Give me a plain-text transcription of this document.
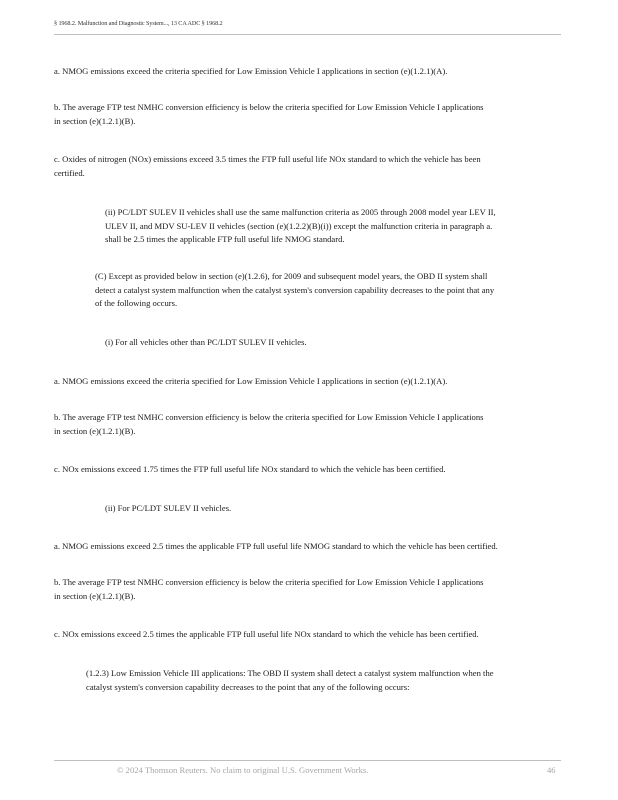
§ 1968.2. Malfunction and Diagnostic System..., 13 CA ADC § 1968.2
a. NMOG emissions exceed the criteria specified for Low Emission Vehicle I applications in section (e)(1.2.1)(A).
b. The average FTP test NMHC conversion efficiency is below the criteria specified for Low Emission Vehicle I applications
in section (e)(1.2.1)(B).
c. Oxides of nitrogen (NOx) emissions exceed 3.5 times the FTP full useful life NOx standard to which the vehicle has been
certified.
(ii) PC/LDT SULEV II vehicles shall use the same malfunction criteria as 2005 through 2008 model year LEV II,
ULEV II, and MDV SU-LEV II vehicles (section (e)(1.2.2)(B)(i)) except the malfunction criteria in paragraph a.
shall be 2.5 times the applicable FTP full useful life NMOG standard.
(C) Except as provided below in section (e)(1.2.6), for 2009 and subsequent model years, the OBD II system shall
detect a catalyst system malfunction when the catalyst system's conversion capability decreases to the point that any
of the following occurs.
(i) For all vehicles other than PC/LDT SULEV II vehicles.
a. NMOG emissions exceed the criteria specified for Low Emission Vehicle I applications in section (e)(1.2.1)(A).
b. The average FTP test NMHC conversion efficiency is below the criteria specified for Low Emission Vehicle I applications
in section (e)(1.2.1)(B).
c. NOx emissions exceed 1.75 times the FTP full useful life NOx standard to which the vehicle has been certified.
(ii) For PC/LDT SULEV II vehicles.
a. NMOG emissions exceed 2.5 times the applicable FTP full useful life NMOG standard to which the vehicle has been certified.
b. The average FTP test NMHC conversion efficiency is below the criteria specified for Low Emission Vehicle I applications
in section (e)(1.2.1)(B).
c. NOx emissions exceed 2.5 times the applicable FTP full useful life NOx standard to which the vehicle has been certified.
(1.2.3) Low Emission Vehicle III applications: The OBD II system shall detect a catalyst system malfunction when the
catalyst system's conversion capability decreases to the point that any of the following occurs:
© 2024 Thomson Reuters. No claim to original U.S. Government Works.	46
